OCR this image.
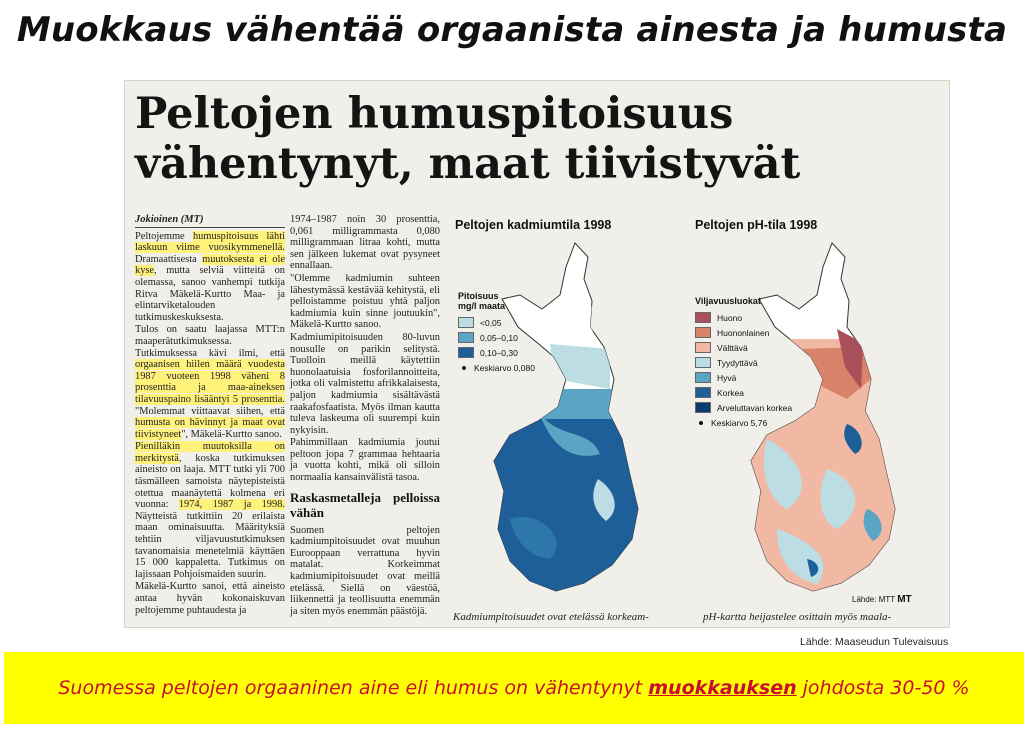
Muokkaus vähentää orgaanista ainesta ja humusta
Peltojen humuspitoisuus
vähentynyt, maat tiivistyvät
Jokioinen (MT)

Peltojemme humuspitoisuus lähti laskuun viime vuosikymmenellä. Dramaattisesta muutoksesta ei ole kyse, mutta selviä viitteitä on olemassa, sanoo vanhempi tutkija Ritva Mäkelä-Kurtto Maa- ja elintarviketalouden tutkimuskeskuksesta.

Tulos on saatu laajassa MTT:n maaperätutkimuksessa. Tutkimuksessa kävi ilmi, että orgaanisen hiilen määrä vuodesta 1987 vuoteen 1998 väheni 8 prosenttia ja maa-aineksen tilavuuspaino lisääntyi 5 prosenttia. "Molemmat viittaavat siihen, että humusta on hävinnyt ja maat ovat tiivistyneet", Mäkelä-Kurtto sanoo.

Pienilläkin muutoksilla on merkitystä, koska tutkimuksen aineisto on laaja. MTT tutki yli 700 täsmälleen samoista näytepisteistä otettua maanäytettä kolmena eri vuonna: 1974, 1987 ja 1998. Näytteistä tutkittiin 20 erilaista maan ominaisuutta. Määrityksiä tehtiin viljavuustutkimuksen tavanomaisia menetelmiä käyttäen 15 000 kappaletta. Tutkimus on lajissaan Pohjoismaiden suurin.

Mäkelä-Kurtto sanoi, että aineisto antaa hyvän kokonaiskuvan peltojemme puhtaudesta ja

1974–1987 noin 30 prosenttia, 0,061 milligrammasta 0,080 milligrammaan litraa kohti, mutta sen jälkeen lukemat ovat pysyneet ennallaan.

"Olemme kadmiumin suhteen lähestymässä kestävää kehitystä, eli pelloistamme poistuu yhtä paljon kadmiumia kuin sinne joutuukin", Mäkelä-Kurtto sanoo.

Kadmiumipitoisuuden 80-luvun nousulle on parikin selitystä. Tuolloin meillä käytettiin huonolaatuisia fosforilannoitteita, jotka oli valmistettu afrikkalaisesta, paljon kadmiumia sisältävästä raakafosfaatista. Myös ilman kautta tuleva laskeuma oli suurempi kuin nykyisin.

Pahimmillaan kadmiumia joutui peltoon jopa 7 grammaa hehtaaria ja vuotta kohti, mikä oli silloin normaalia kansainvälistä tasoa.

Raskasmetalleja pelloissa vähän

Suomen peltojen kadmiumpitoisuudet ovat muuhun Eurooppaan verrattuna hyvin matalat. Korkeimmat kadmiumipitoisuudet ovat meillä etelässä. Siellä on väestöä, liikennettä ja teollisuutta enemmän ja siten myös enemmän päästöjä.

Peltojen kadmiumtila 1998
Pitoisuus
mg/l maata
<0,05
0,05–0,10
0,10–0,30
Keskiarvo 0,080
Kadmiumpitoisuudet ovat etelässä korkeam-
Peltojen pH-tila 1998
Viljavuusluokat
Huono
Huononlainen
Välttävä
Tyydyttävä
Hyvä
Korkea
Arveluttavan korkea
Keskiarvo 5,76
Lähde: MTT MT
pH-kartta heijastelee osittain myös maala-
Lähde: Maaseudun Tulevaisuus
Suomessa peltojen orgaaninen aine eli humus on vähentynyt muokkauksen johdosta 30-50 %
